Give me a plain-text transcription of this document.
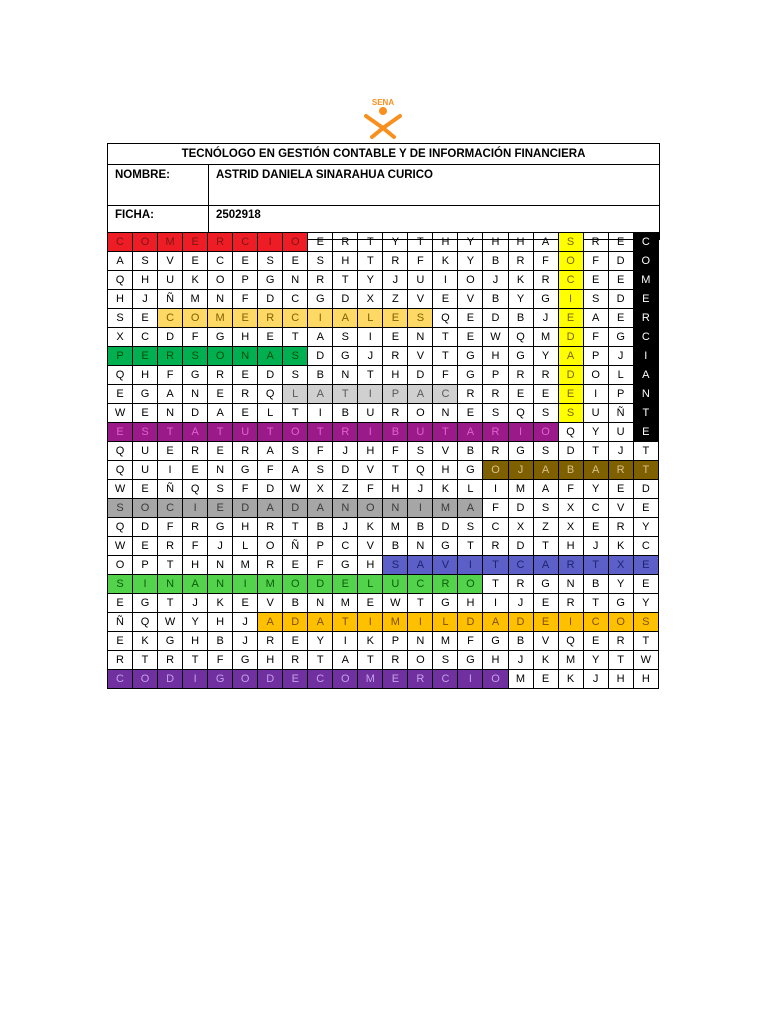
SENA
TECNÓLOGO EN GESTIÓN CONTABLE Y DE INFORMACIÓN FINANCIERA	
NOMBRE:	ASTRID DANIELA SINARAHUA CURICO
FICHA:	2502918
C	O	M	E	R	C	I	O	E	R	T	Y	T	H	Y	H	H	A	S	R	E	C
A	S	V	E	C	E	S	E	S	H	T	R	F	K	Y	B	R	F	O	F	D	O
Q	H	U	K	O	P	G	N	R	T	Y	J	U	I	O	J	K	R	C	E	E	M
H	J	Ñ	M	N	F	D	C	G	D	X	Z	V	E	V	B	Y	G	I	S	D	E
S	E	C	O	M	E	R	C	I	A	L	E	S	Q	E	D	B	J	E	A	E	R
X	C	D	F	G	H	E	T	A	S	I	E	N	T	E	W	Q	M	D	F	G	C
P	E	R	S	O	N	A	S	D	G	J	R	V	T	G	H	G	Y	A	P	J	I
Q	H	F	G	R	E	D	S	B	N	T	H	D	F	G	P	R	R	D	O	L	A
E	G	A	N	E	R	Q	L	A	T	I	P	A	C	R	R	E	E	E	I	P	N
W	E	N	D	A	E	L	T	I	B	U	R	O	N	E	S	Q	S	S	U	Ñ	T
E	S	T	A	T	U	T	O	T	R	I	B	U	T	A	R	I	O	Q	Y	U	E
Q	U	E	R	E	R	A	S	F	J	H	F	S	V	B	R	G	S	D	T	J	T
Q	U	I	E	N	G	F	A	S	D	V	T	Q	H	G	O	J	A	B	A	R	T
W	E	Ñ	Q	S	F	D	W	X	Z	F	H	J	K	L	I	M	A	F	Y	E	D
S	O	C	I	E	D	A	D	A	N	O	N	I	M	A	F	D	S	X	C	V	E
Q	D	F	R	G	H	R	T	B	J	K	M	B	D	S	C	X	Z	X	E	R	Y
W	E	R	F	J	L	O	Ñ	P	C	V	B	N	G	T	R	D	T	H	J	K	C
O	P	T	H	N	M	R	E	F	G	H	S	A	V	I	T	C	A	R	T	X	E
S	I	N	A	N	I	M	O	D	E	L	U	C	R	O	T	R	G	N	B	Y	E
E	G	T	J	K	E	V	B	N	M	E	W	T	G	H	I	J	E	R	T	G	Y
Ñ	Q	W	Y	H	J	A	D	A	T	I	M	I	L	D	A	D	E	I	C	O	S
E	K	G	H	B	J	R	E	Y	I	K	P	N	M	F	G	B	V	Q	E	R	T
R	T	R	T	F	G	H	R	T	A	T	R	O	S	G	H	J	K	M	Y	T	W
C	O	D	I	G	O	D	E	C	O	M	E	R	C	I	O	M	E	K	J	H	H
